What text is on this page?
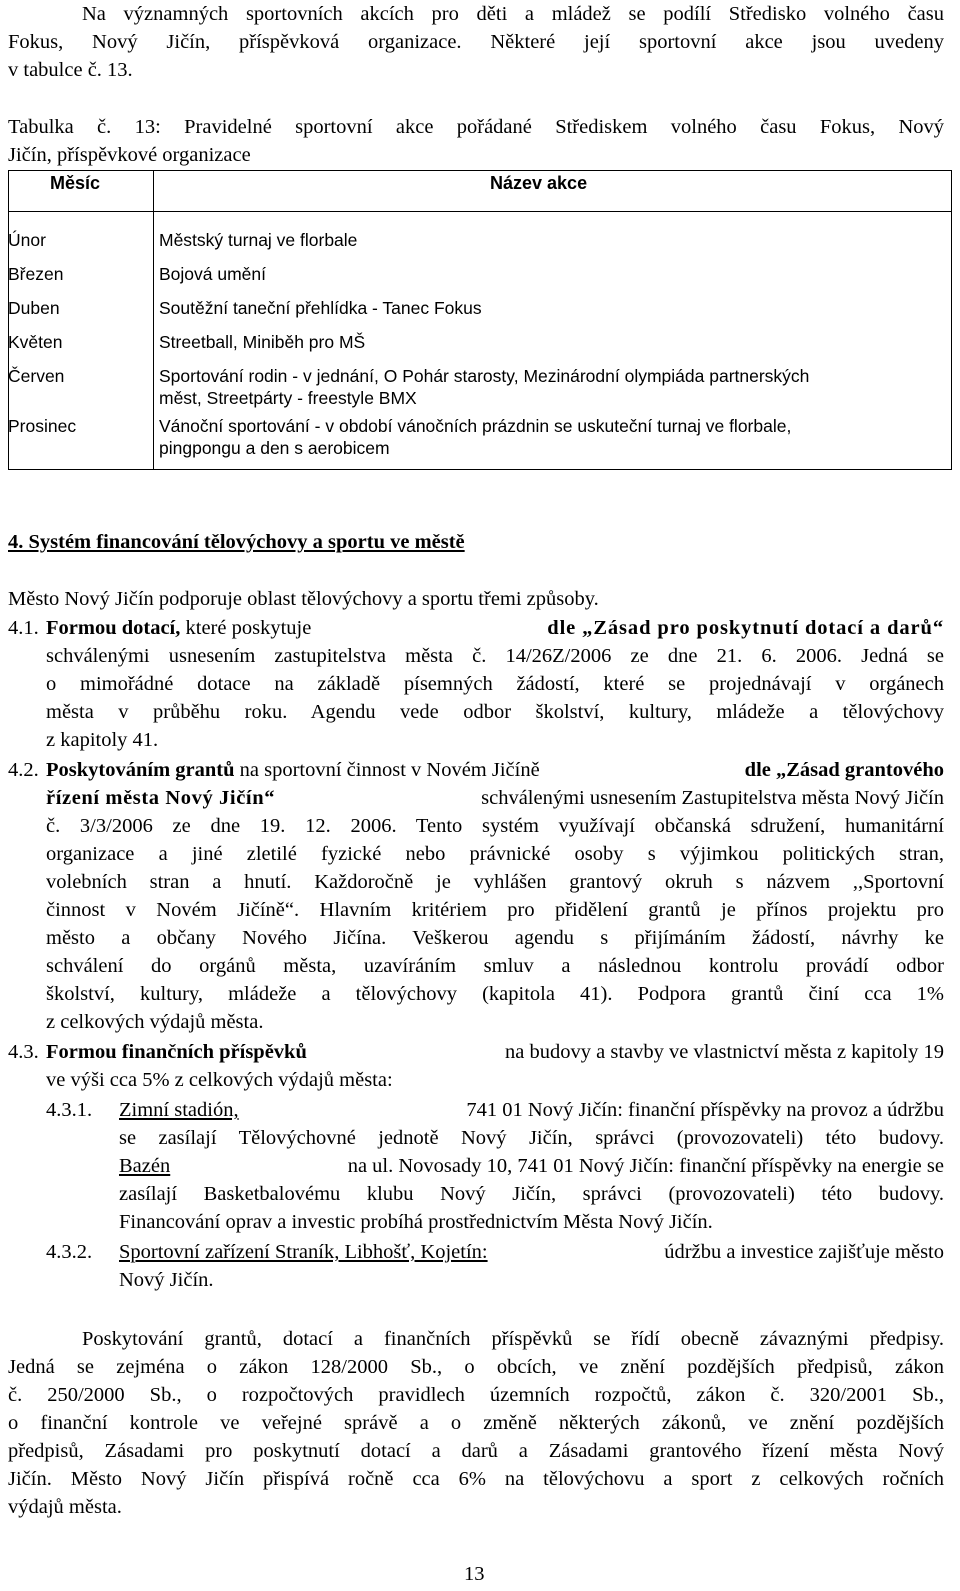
Na významných sportovních akcích pro děti a mládež se podílí Středisko volného času

Fokus, Nový Jičín, příspěvková organizace. Některé její sportovní akce jsou uvedeny

v tabulce č. 13.

Tabulka č. 13: Pravidelné sportovní akce pořádané Střediskem volného času Fokus, Nový

Jičín, příspěvkové organizace

Měsíc	Název akce
Únor	Městský turnaj ve florbale
Březen	Bojová umění
Duben	Soutěžní taneční přehlídka - Tanec Fokus
Květen	Streetball, Miniběh pro MŠ
Červen	Sportování rodin - v jednání, O Pohár starosty, Mezinárodní olympiáda partnerských
měst, Streetpárty - freestyle BMX
Prosinec	Vánoční sportování - v období vánočních prázdnin se uskuteční turnaj ve florbale,
pingpongu a den s aerobicem

4. Systém financování tělovýchovy a sportu ve městě

Město Nový Jičín podporuje oblast tělovýchovy a sportu třemi způsoby.

4.1. Formou dotací, které poskytuje	dle „Zásad pro poskytnutí dotací a darů“

schválenými usnesením zastupitelstva města č. 14/26Z/2006 ze dne 21. 6. 2006. Jedná se

o mimořádné dotace na základě písemných žádostí, které se projednávají v orgánech

města v průběhu roku. Agendu vede odbor školství, kultury, mládeže a tělovýchovy

z kapitoly 41.

4.2. Poskytováním grantů na sportovní činnost v Novém Jičíně	dle „Zásad grantového

řízení města Nový Jičín“	schválenými usnesením Zastupitelstva města Nový Jičín

č. 3/3/2006 ze dne 19. 12. 2006. Tento systém využívají občanská sdružení, humanitární

organizace a jiné zletilé fyzické nebo právnické osoby s výjimkou politických stran,

volebních stran a hnutí. Každoročně je vyhlášen grantový okruh s názvem ,,Sportovní

činnost v Novém Jičíně“. Hlavním kritériem pro přidělení grantů je přínos projektu pro

město a občany Nového Jičína. Veškerou agendu s přijímáním žádostí, návrhy ke

schválení do orgánů města, uzavíráním smluv a následnou kontrolu provádí odbor

školství, kultury, mládeže a tělovýchovy (kapitola 41). Podpora grantů činí cca 1%

z celkových výdajů města.

4.3. Formou finančních příspěvků	na budovy a stavby ve vlastnictví města z kapitoly 19

ve výši cca 5% z celkových výdajů města:

4.3.1. Zimní stadión,	741 01 Nový Jičín: finanční příspěvky na provoz a údržbu

se zasílají Tělovýchovné jednotě Nový Jičín, správci (provozovateli) této budovy.

Bazén	na ul. Novosady 10, 741 01 Nový Jičín: finanční příspěvky na energie se

zasílají Basketbalovému klubu Nový Jičín, správci (provozovateli) této budovy.

Financování oprav a investic probíhá prostřednictvím Města Nový Jičín.

4.3.2. Sportovní zařízení Straník, Libhošť, Kojetín:	údržbu a investice zajišťuje město

Nový Jičín.

Poskytování grantů, dotací a finančních příspěvků se řídí obecně závaznými předpisy.

Jedná se zejména o zákon 128/2000 Sb., o obcích, ve znění pozdějších předpisů, zákon

č. 250/2000 Sb., o rozpočtových pravidlech územních rozpočtů, zákon č. 320/2001 Sb.,

o finanční kontrole ve veřejné správě a o změně některých zákonů, ve znění pozdějších

předpisů, Zásadami pro poskytnutí dotací a darů a Zásadami grantového řízení města Nový

Jičín. Město Nový Jičín přispívá ročně cca 6% na tělovýchovu a sport z celkových ročních

výdajů města.

13
